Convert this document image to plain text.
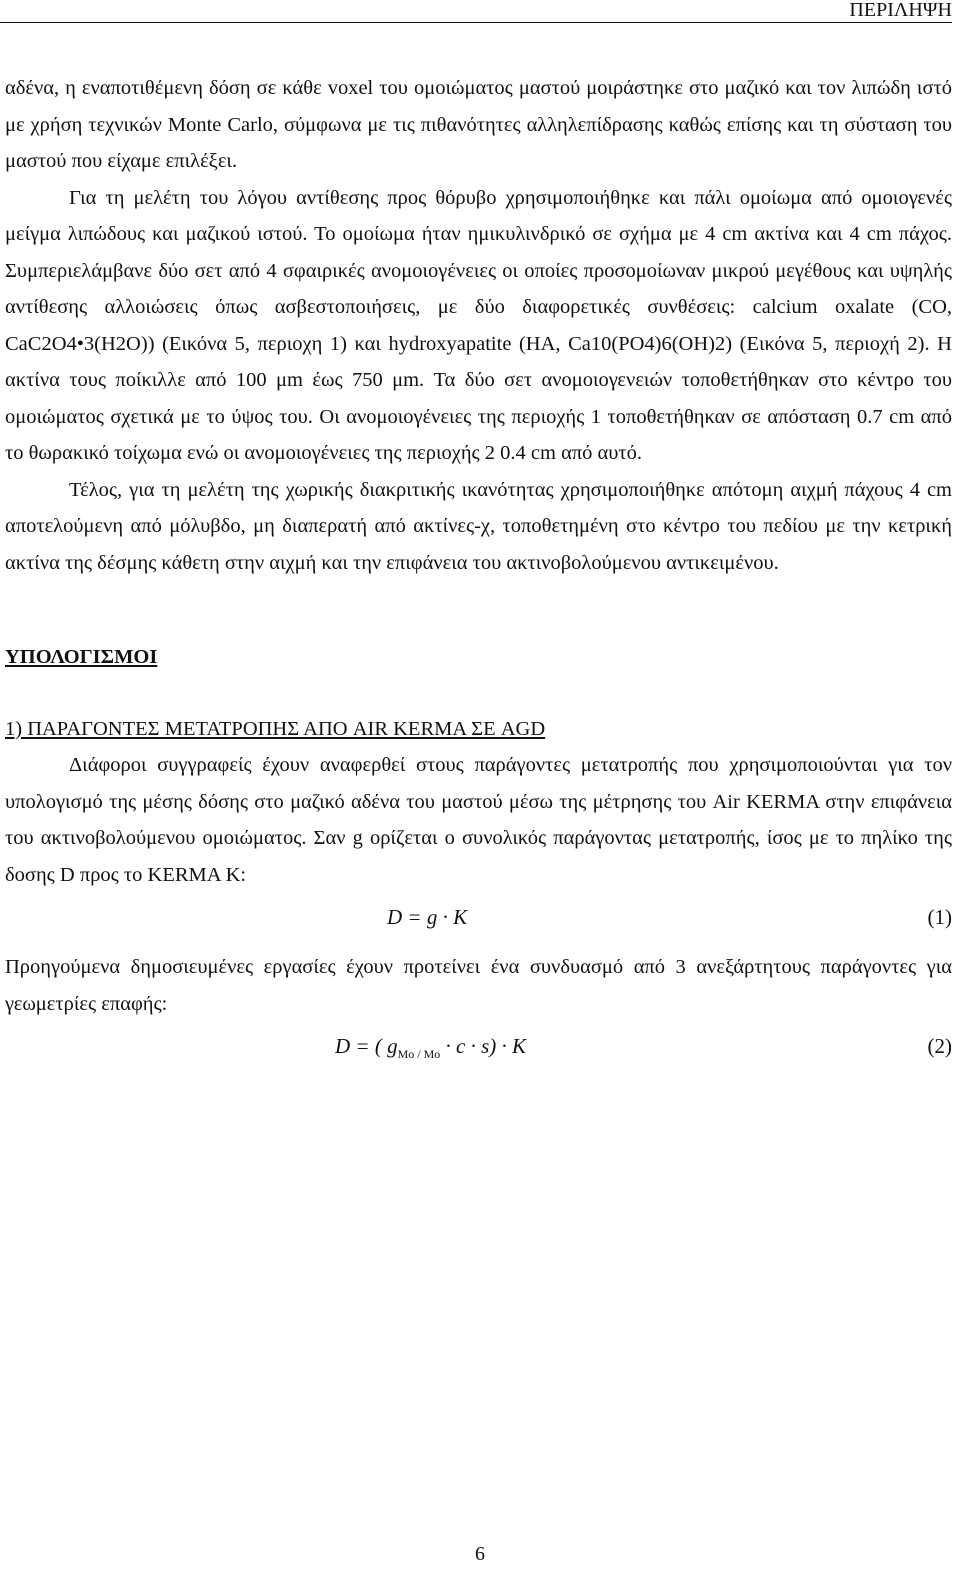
ΠΕΡΙΛΗΨΗ

αδένα, η εναποτιθέμενη δόση σε κάθε voxel του ομοιώματος μαστού μοιράστηκε στο μαζικό και τον λιπώδη ιστό με χρήση τεχνικών Monte Carlo, σύμφωνα με τις πιθανότητες αλληλεπίδρασης καθώς επίσης και τη σύσταση του μαστού που είχαμε επιλέξει.

Για τη μελέτη του λόγου αντίθεσης προς θόρυβο χρησιμοποιήθηκε και πάλι ομοίωμα από ομοιογενές μείγμα λιπώδους και μαζικού ιστού. Το ομοίωμα ήταν ημικυλινδρικό σε σχήμα με 4 cm ακτίνα και 4 cm πάχος. Συμπεριελάμβανε δύο σετ από 4 σφαιρικές ανομοιογένειες οι οποίες προσομοίωναν μικρού μεγέθους και υψηλής αντίθεσης αλλοιώσεις όπως ασβεστοποιήσεις, με δύο διαφορετικές συνθέσεις: calcium oxalate (CO, CaC2O4•3(H2O)) (Εικόνα 5, περιοχη 1) και hydroxyapatite (HA, Ca10(PO4)6(OH)2) (Εικόνα 5, περιοχή 2). Η ακτίνα τους ποίκιλλε από 100 μm έως 750 μm. Τα δύο σετ ανομοιογενειών τοποθετήθηκαν στο κέντρο του ομοιώματος σχετικά με το ύψος του. Οι ανομοιογένειες της περιοχής 1 τοποθετήθηκαν σε απόσταση 0.7 cm από το θωρακικό τοίχωμα ενώ οι ανομοιογένειες της περιοχής 2 0.4 cm από αυτό.

Τέλος, για τη μελέτη της χωρικής διακριτικής ικανότητας χρησιμοποιήθηκε απότομη αιχμή πάχους 4 cm αποτελούμενη από μόλυβδο, μη διαπερατή από ακτίνες-χ, τοποθετημένη στο κέντρο του πεδίου με την κετρική ακτίνα της δέσμης κάθετη στην αιχμή και την επιφάνεια του ακτινοβολούμενου αντικειμένου.

ΥΠΟΛΟΓΙΣΜΟΙ

1) ΠΑΡΑΓΟΝΤΕΣ ΜΕΤΑΤΡΟΠΗΣ ΑΠΟ AIR KERMA ΣΕ AGD

Διάφοροι συγγραφείς έχουν αναφερθεί στους παράγοντες μετατροπής που χρησιμοποιούνται για τον υπολογισμό της μέσης δόσης στο μαζικό αδένα του μαστού μέσω της μέτρησης του Air KERMA στην επιφάνεια του ακτινοβολούμενου ομοιώματος. Σαν g ορίζεται ο συνολικός παράγοντας μετατροπής, ίσος με το πηλίκο της δοσης D προς το KERMA K:

D = g · K	(1)

Προηγούμενα δημοσιευμένες εργασίες έχουν προτείνει ένα συνδυασμό από 3 ανεξάρτητους παράγοντες για γεωμετρίες επαφής:

D = ( $g_{Mo / Mo} \cdot c \cdot s) \cdot K$	(2)
6
